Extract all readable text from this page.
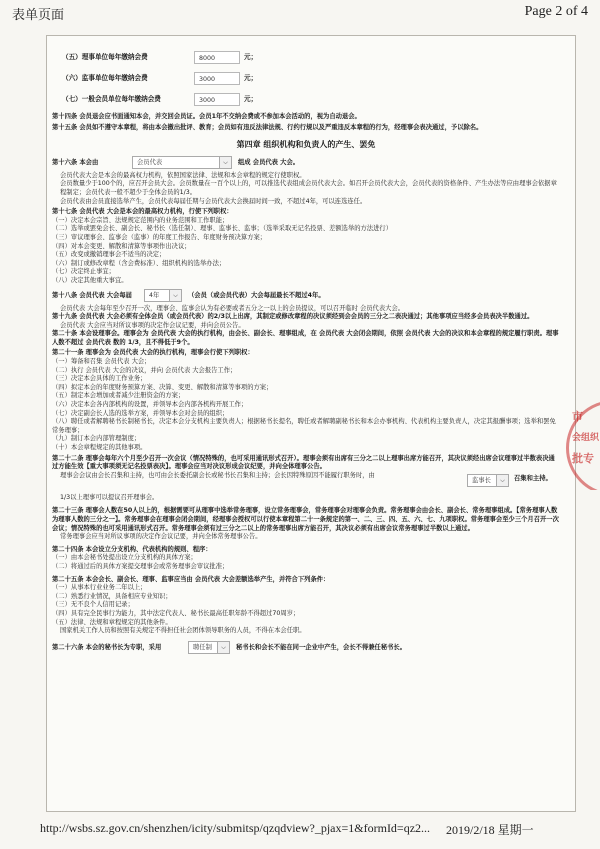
表单页面	Page 2 of 4
（五）理事单位每年缴纳会费	8000	元；
（六）监事单位每年缴纳会费	3000	元；
（七）一般会员单位每年缴纳会费	3000	元；

第十四条 会员退会应书面通知本会，并交回会员证。会员1年不交纳会费或不参加本会活动的，视为自动退会。

第十五条 会员如不遵守本章程，将由本会撤出批评、教育；会员如有违反法律法规、行约行规以及严重违反本章程的行为，经理事会表决通过，予以除名。

第四章 组织机构和负责人的产生、罢免
第十六条 本会由	会员代表	⌵	组成 会员代表 大会。

会员代表大会是本会的最高权力机构，依照国家法律、法规和本会章程的规定行使职权。

会员数量少于100个的，应召开会员大会。会员数量在一百个以上的，可以推选代表组成会员代表大会。如召开会员代表大会，会员代表的资格条件、产生办法等应由理事会依据章程制定；会员代表一般不超少于全体会员的1/3。

会员代表由会员直接选举产生，会员代表每届任期与会员代表大会换届时间一致，不超过4年，可以连选连任。

第十七条 会员代表 大会是本会的最高权力机构，行使下列职权：

（一）决定本会宗旨、法规规定范围内的业务范围和工作职能；

（二）选举或罢免会长、副会长、秘书长（选任制）、理事、监事长、监事；（选举采取无记名投票、差额选举的方法进行）

（三）审议理事会、监事会（监事）的年度工作报告、年度财务预决算方案；

（四）对本会变更、解散和清算等事项作出决议；

（五）改变或撤销理事会不适当的决定；

（六）制订或修改章程（含会费标准）、组织机构的选举办法；

（七）决定终止事宜；

（八）决定其他重大事宜。

第十八条 会员代表 大会每届	4年	⌵	（会员（或会员代表）大会每届最长不超过4年。

会员代表 大会每年至少召开一次，理事会、监事会认为有必要或者五分之一以上的会员提议，可以召开临时 会员代表大会。

第十九条 会员代表 大会必须有全体会员（或会员代表）的2/3以上出席，其制定或修改章程的决议须经到会会员的三分之二表决通过；其他事项应当经多会员表决半数通过。

会员代表 大会应当对所议事项的决定作会议记要，并向会员公告。

第二十条 本会设理事会。理事会为 会员代表 大会的执行机构，由会长、副会长、理事组成，在 会员代表 大会闭会期间，依照 会员代表 大会的决议和本会章程的规定履行职责。理事人数不超过 会员代表 数的 1/3，且不得低于9个。

第二十一条 理事会为 会员代表 大会的执行机构，理事会行使下列职权：

（一）筹备和召集 会员代表 大会；

（二）执行 会员代表 大会的决议，并向 会员代表 大会报告工作；

（三）决定本会具体的工作业务；

（四）拟定本会的年度财务预算方案、决算、变更、解散和清算等事项的方案；

（五）制定本会增加或者减少注册资金的方案；

（六）决定本会各内部机构的设置，并领导本会内部各机构开展工作；

（七）决定副会长人选的选举方案，并领导本会对会员的组织；

（八）聘任或者解聘秘书长制秘书长，决定本会分支机构主要负责人；根据秘书长提名，聘任或者解聘副秘书长和本会办事机构、代表机构主要负责人，决定其报酬事项；选举和罢免常务理事；

（九）制订本会内部管理制度；

（十）本会章程规定的其他事项。

第二十二条 理事会每年六个月至少召开一次会议（情况特殊的，也可采用通讯形式召开）。理事会须有出席有三分之二以上理事出席方能召开，其决议须经出席会议理事过半数表决通过方能生效【重大事项须无记名投票表决】。理事会应当对决议形成会议纪要，并向全体理事公告。

理事会会议由会长召集和主持，也可由会长委托副会长或秘书长召集和主持；会长因特殊原因不能履行职务时，由

监事长	⌵	召集和主持。

1/3以上理事可以提议召开理事会。

第二十三条 理事会人数在50人以上的，根据需要可从理事中选举常务理事，设立常务理事会，常务理事会对理事会负责。常务理事会由会长、副会长、常务理事组成。【常务理事人数为理事人数的三分之一】。常务理事会在理事会闭会期间，经理事会授权可以行使本章程第二十一条规定的第一、二、三、四、五、六、七、九项职权。常务理事会至少三个月召开一次会议；情况特殊的也可采用通讯形式召开。常务理事会须有过三分之二以上的常务理事出席方能召开，其决议必须有出席会议常务理事过半数以上通过。

常务理事会应当对所议事项的决定作会议记要，并向全体常务理事公告。

第二十四条 本会设立分支机构、代表机构的规则、程序：

（一）由本会秘书处提出设立分支机构的具体方案；

（二）将通过后的具体方案提交理事会或常务理事会审议批准；

第二十五条 本会会长、副会长、理事、监事应当由 会员代表 大会差额选举产生，并符合下列条件：

（一）从事本行业业务二年以上；

（二）熟悉行业情况，具备相应专业知识；

（三）无不良个人信用记录；

（四）具有完全民事行为能力，其中法定代表人、秘书长最高任职年龄不得超过70周岁；

（五）法律、法规和章程规定的其他条件。

国家机关工作人员和按照有关规定不得担任社会团体领导职务的人员，不得在本会任职。

第二十六条 本会的秘书长为专职，采用	聘任制	⌵	秘书长和会长不能在同一企业中产生，会长不得兼任秘书长。
市
会组织
批专
http://wsbs.sz.gov.cn/shenzhen/icity/submitsp/qzqdview?_pjax=1&formId=qz2... 2019/2/18 星期一
